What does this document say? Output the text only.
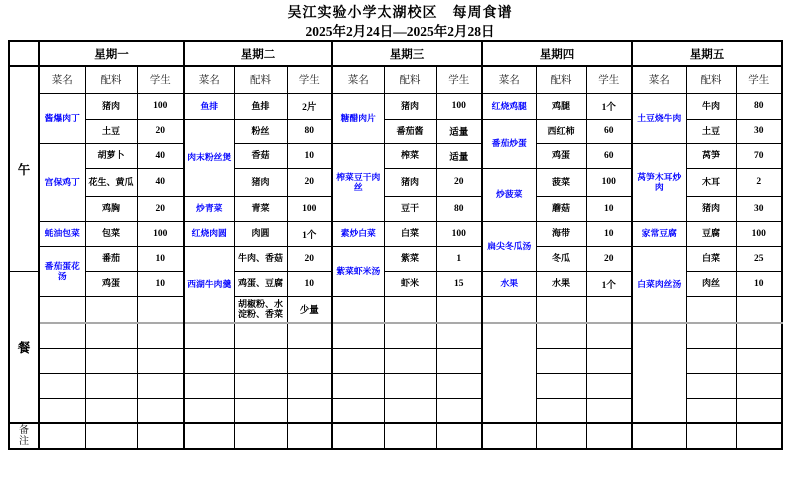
吴江实验小学太湖校区　每周食谱
2025年2月24日—2025年2月28日
	星期一			星期二			星期三			星期四			星期五		
午	菜名	配料	学生	菜名	配料	学生	菜名	配料	学生	菜名	配料	学生	菜名	配料	学生
	酱爆肉丁	猪肉	100	鱼排	鱼排	2片	糖醋肉片	猪肉	100	红烧鸡腿	鸡腿	1个	土豆烧牛肉	牛肉	80
		土豆	20	肉末粉丝煲	粉丝	80		番茄酱	适量	番茄炒蛋	西红柿	60		土豆	30
	宫保鸡丁	胡萝卜	40		香菇	10	榨菜豆干肉丝	榨菜	适量		鸡蛋	60	莴笋木耳炒肉	莴笋	70
		花生、黄瓜	40		猪肉	20		猪肉	20	炒菠菜	菠菜	100		木耳	2
		鸡胸	20	炒青菜	青菜	100		豆干	80		蘑菇	10		猪肉	30
	蚝油包菜	包菜	100	红烧肉圆	肉圆	1个	素炒白菜	白菜	100	扁尖冬瓜汤	海带	10	家常豆腐	豆腐	100
	番茄蛋花汤	番茄	10	西湖牛肉羹	牛肉、香菇	20	紫菜虾米汤	紫菜	1		冬瓜	20	白菜肉丝汤	白菜	25
餐		鸡蛋	10		鸡蛋、豆腐	10		虾米	15	水果	水果	1个		肉丝	10
					胡椒粉、水淀粉、香菜	少量									

备
注															
